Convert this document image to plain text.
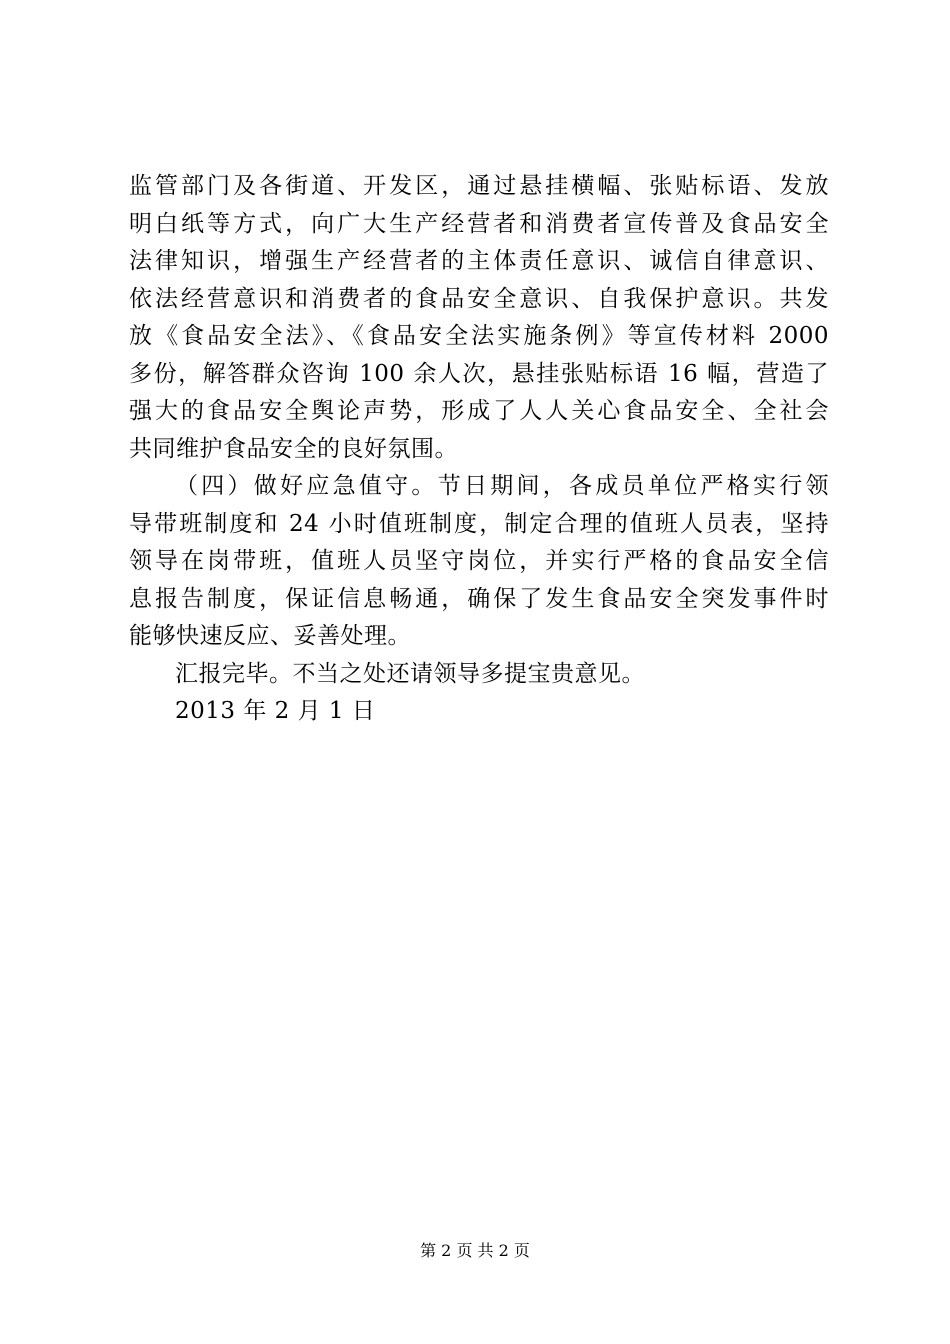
监管部门及各街道、开发区，通过悬挂横幅、张贴标语、发放
明白纸等方式，向广大生产经营者和消费者宣传普及食品安全
法律知识，增强生产经营者的主体责任意识、诚信自律意识、
依法经营意识和消费者的食品安全意识、自我保护意识。共发
放《食品安全法》、《食品安全法实施条例》等宣传材料 2000
多份，解答群众咨询 100 余人次，悬挂张贴标语 16 幅，营造了
强大的食品安全舆论声势，形成了人人关心食品安全、全社会
共同维护食品安全的良好氛围。
（四）做好应急值守。节日期间，各成员单位严格实行领
导带班制度和 24 小时值班制度，制定合理的值班人员表，坚持
领导在岗带班，值班人员坚守岗位，并实行严格的食品安全信
息报告制度，保证信息畅通，确保了发生食品安全突发事件时
能够快速反应、妥善处理。
汇报完毕。不当之处还请领导多提宝贵意见。
2013 年 2 月 1 日
第 2 页 共 2 页
